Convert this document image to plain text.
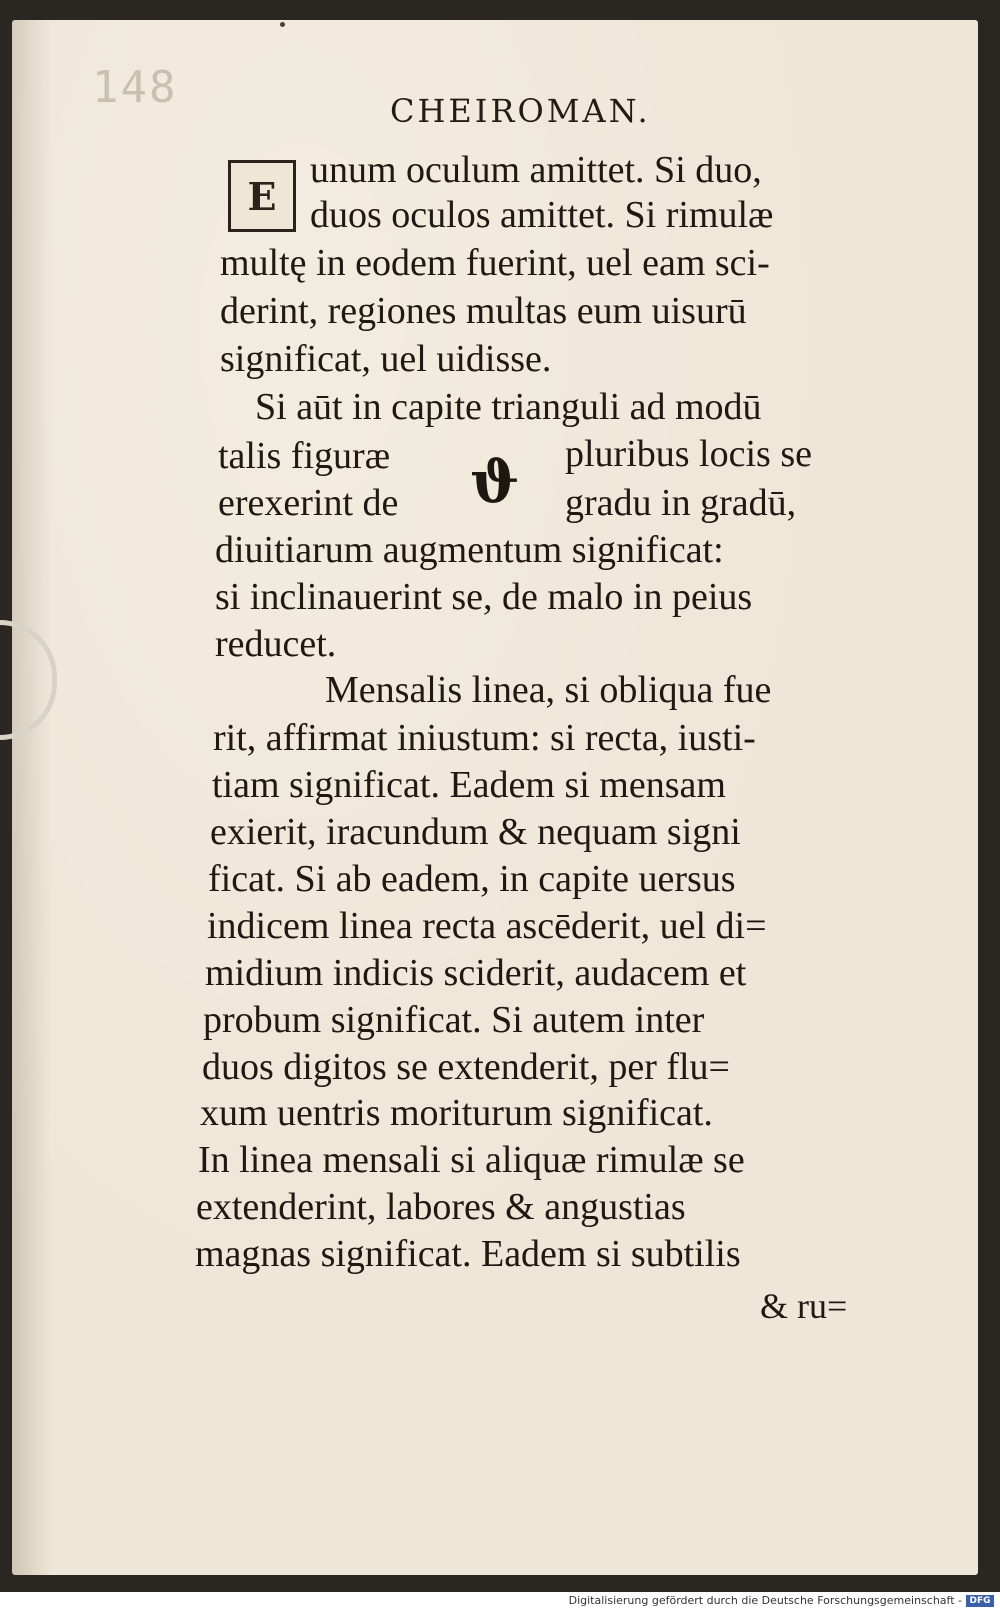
148	CHEIROMAN.
E
unum oculum amittet. Si duo,
duos oculos amittet. Si rimulæ
multę in eodem fuerint, uel eam sci-
derint, regiones multas eum uisurū
significat, uel uidisse.
Si aūt in capite trianguli ad modū
talis figuræ ϑ pluribus locis se
erexerint de	gradu in gradū,
diuitiarum augmentum significat:
si inclinauerint se, de malo in peius
reducet.
Mensalis linea, si obliqua fue
rit, affirmat iniustum: si recta, iusti-
tiam significat. Eadem si mensam
exierit, iracundum & nequam signi
ficat. Si ab eadem, in capite uersus
indicem linea recta ascēderit, uel di=
midium indicis sciderit, audacem et
probum significat. Si autem inter
duos digitos se extenderit, per flu=
xum uentris moriturum significat.
In linea mensali si aliquæ rimulæ se
extenderint, labores & angustias
magnas significat. Eadem si subtilis
& ru=
Digitalisierung gefördert durch die Deutsche Forschungsgemeinschaft - DFG
